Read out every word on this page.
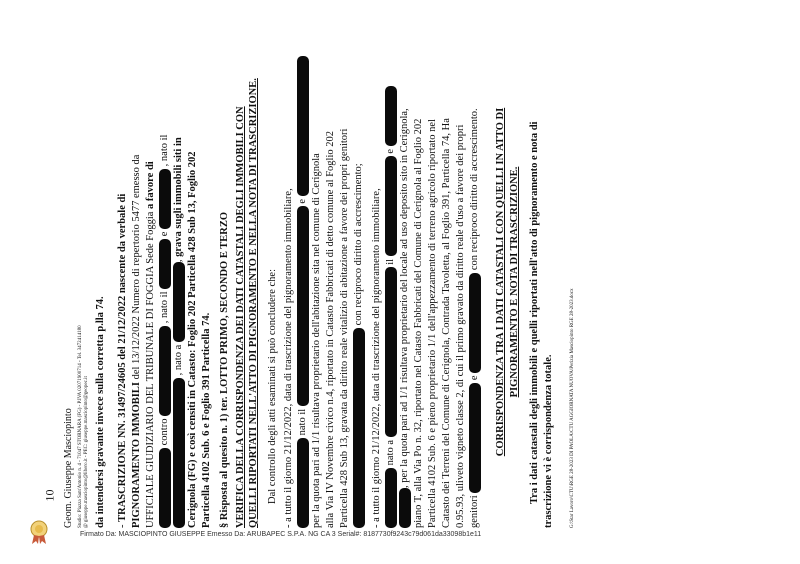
Geom. Giuseppe Masciopinto Studio: Piazza Sant'Antonio n. 4 - 71047 STORNARA (FG) - P.IVA 02071900714 - Tel. 3472414180 @ giuseppe.masciopinto@libero.it - PEC: giuseppe.masciopinto@geopec.it da intendersi gravante invece sulla corretta p.lla 74. - TRASCRIZIONE NN. 31497/24605 del 21/12/2022 nascente da verbale di PIGNORAMENTO IMMOBILI del 13/12/2022 Numero di repertorio 5477 emesso da UFFICIALE GIUDIZIARIO DEL TRIBUNALE DI FOGGIA Sede Foggia a favore di
contro  , nato il  e  , nato il
, nato a , grava sugli immobili siti in Cerignola (FG) e così censiti in Catasto: Foglio 202 Particella 428 Sub 13, Foglio 202 Particella 4102 Sub. 6 e Foglio 391 Particella 74. § Risposta al quesito n. 1) ter. LOTTO PRIMO, SECONDO E TERZO VERIFICA DELLA CORRISPONDENZA DEI DATI CATASTALI DEGLI IMMOBILI CON QUELLI RIPORTATI NELL'ATTO DI PIGNORAMENTO E NELLA NOTA DI TRASCRIZIONE. Dal controllo degli atti esaminati si può concludere che: - a tutto il giorno 21/12/2022, data di trascrizione del pignoramento immobiliare, nato il  e per la quota pari ad 1/1 risultava proprietario dell'abitazione sita nel comune di Cerignola alla Via IV Novembre civico n.4, riportato in Catasto Fabbricati di detto comune al Foglio 202 Particella 428 Sub 13, gravata da diritto reale vitalizio di abitazione a favore dei propri genitori con reciproco diritto di accrescimento; - a tutto il giorno 21/12/2022, data di trascrizione del pignoramento immobiliare, nato a  il  e , per la quota pari ad 1/1 risultava proprietario del locale ad uso deposito sito in Cerignola, piano T, alla Via Po n. 32, riportato nel Catasto Fabbricati del Comune di Cerignola al Foglio 202 Particella 4102 Sub. 6 e pieno proprietario 1/1 dell'appezzamento di terreno agricolo riportato nel Catasto dei Terreni del Comune di Cerignola, Contrada Tavoletta, al Foglio 391, Particella 74, Ha 0.95.93, uliveto vigneto classe 2, di cui il primo gravato da diritto reale d'uso a favore dei propri genitori  e  con reciproco diritto di accrescimento. CORRISPONDENZA TRA I DATI CATASTALI CON QUELLI IN ATTO DI PIGNORAMENTO E NOTA DI TRASCRIZIONE. Tra i dati catastali degli immobili e quelli riportati nell'atto di pignoramento e nota di trascrizione vi è corrispondenza totale.	G:\Star Lavoro\CTU\RGE 28-2023 DI PAOLA\CTU AGGIORNATA NUOVA\Perizia Masciopinto RGE 28-2023.docx
10
Firmato Da: MASCIOPINTO GIUSEPPE Emesso Da: ARUBAPEC S.P.A. NG CA 3 Serial#: 8187730f9243c79d061da33098b1e11
